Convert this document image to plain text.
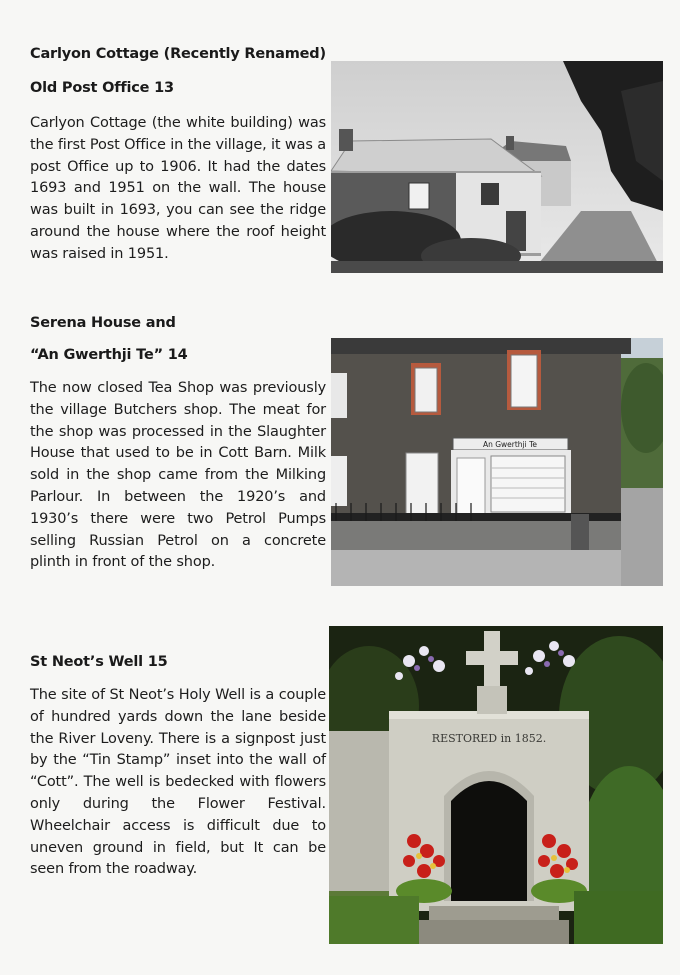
Carlyon Cottage (Recently Renamed)
Old Post Office 13
Carlyon Cottage (the white building) was the first Post Office in the village, it was a post Office up to 1906. It had the dates 1693 and 1951 on the wall. The house was built in 1693, you can see the ridge around the house where the roof height was raised in 1951.
Serena House and
“An Gwerthji Te” 14
The now closed Tea Shop was previously the village Butchers shop. The meat for the shop was processed in the Slaughter House that used to be in Cott Barn. Milk sold in the shop came from the Milking Parlour. In between the 1920’s and 1930’s there were two Petrol Pumps selling Russian Petrol on a concrete plinth in front of the shop.
An Gwerthji Te
St Neot’s Well 15
The site of St Neot’s Holy Well is a couple of hundred yards down the lane beside the River Loveny. There is a signpost just by the “Tin Stamp” inset into the wall of “Cott”. The well is bedecked with flowers only during the Flower Festival. Wheelchair access is difficult due to uneven ground in field, but It can be seen from the roadway.
RESTORED in 1852.
